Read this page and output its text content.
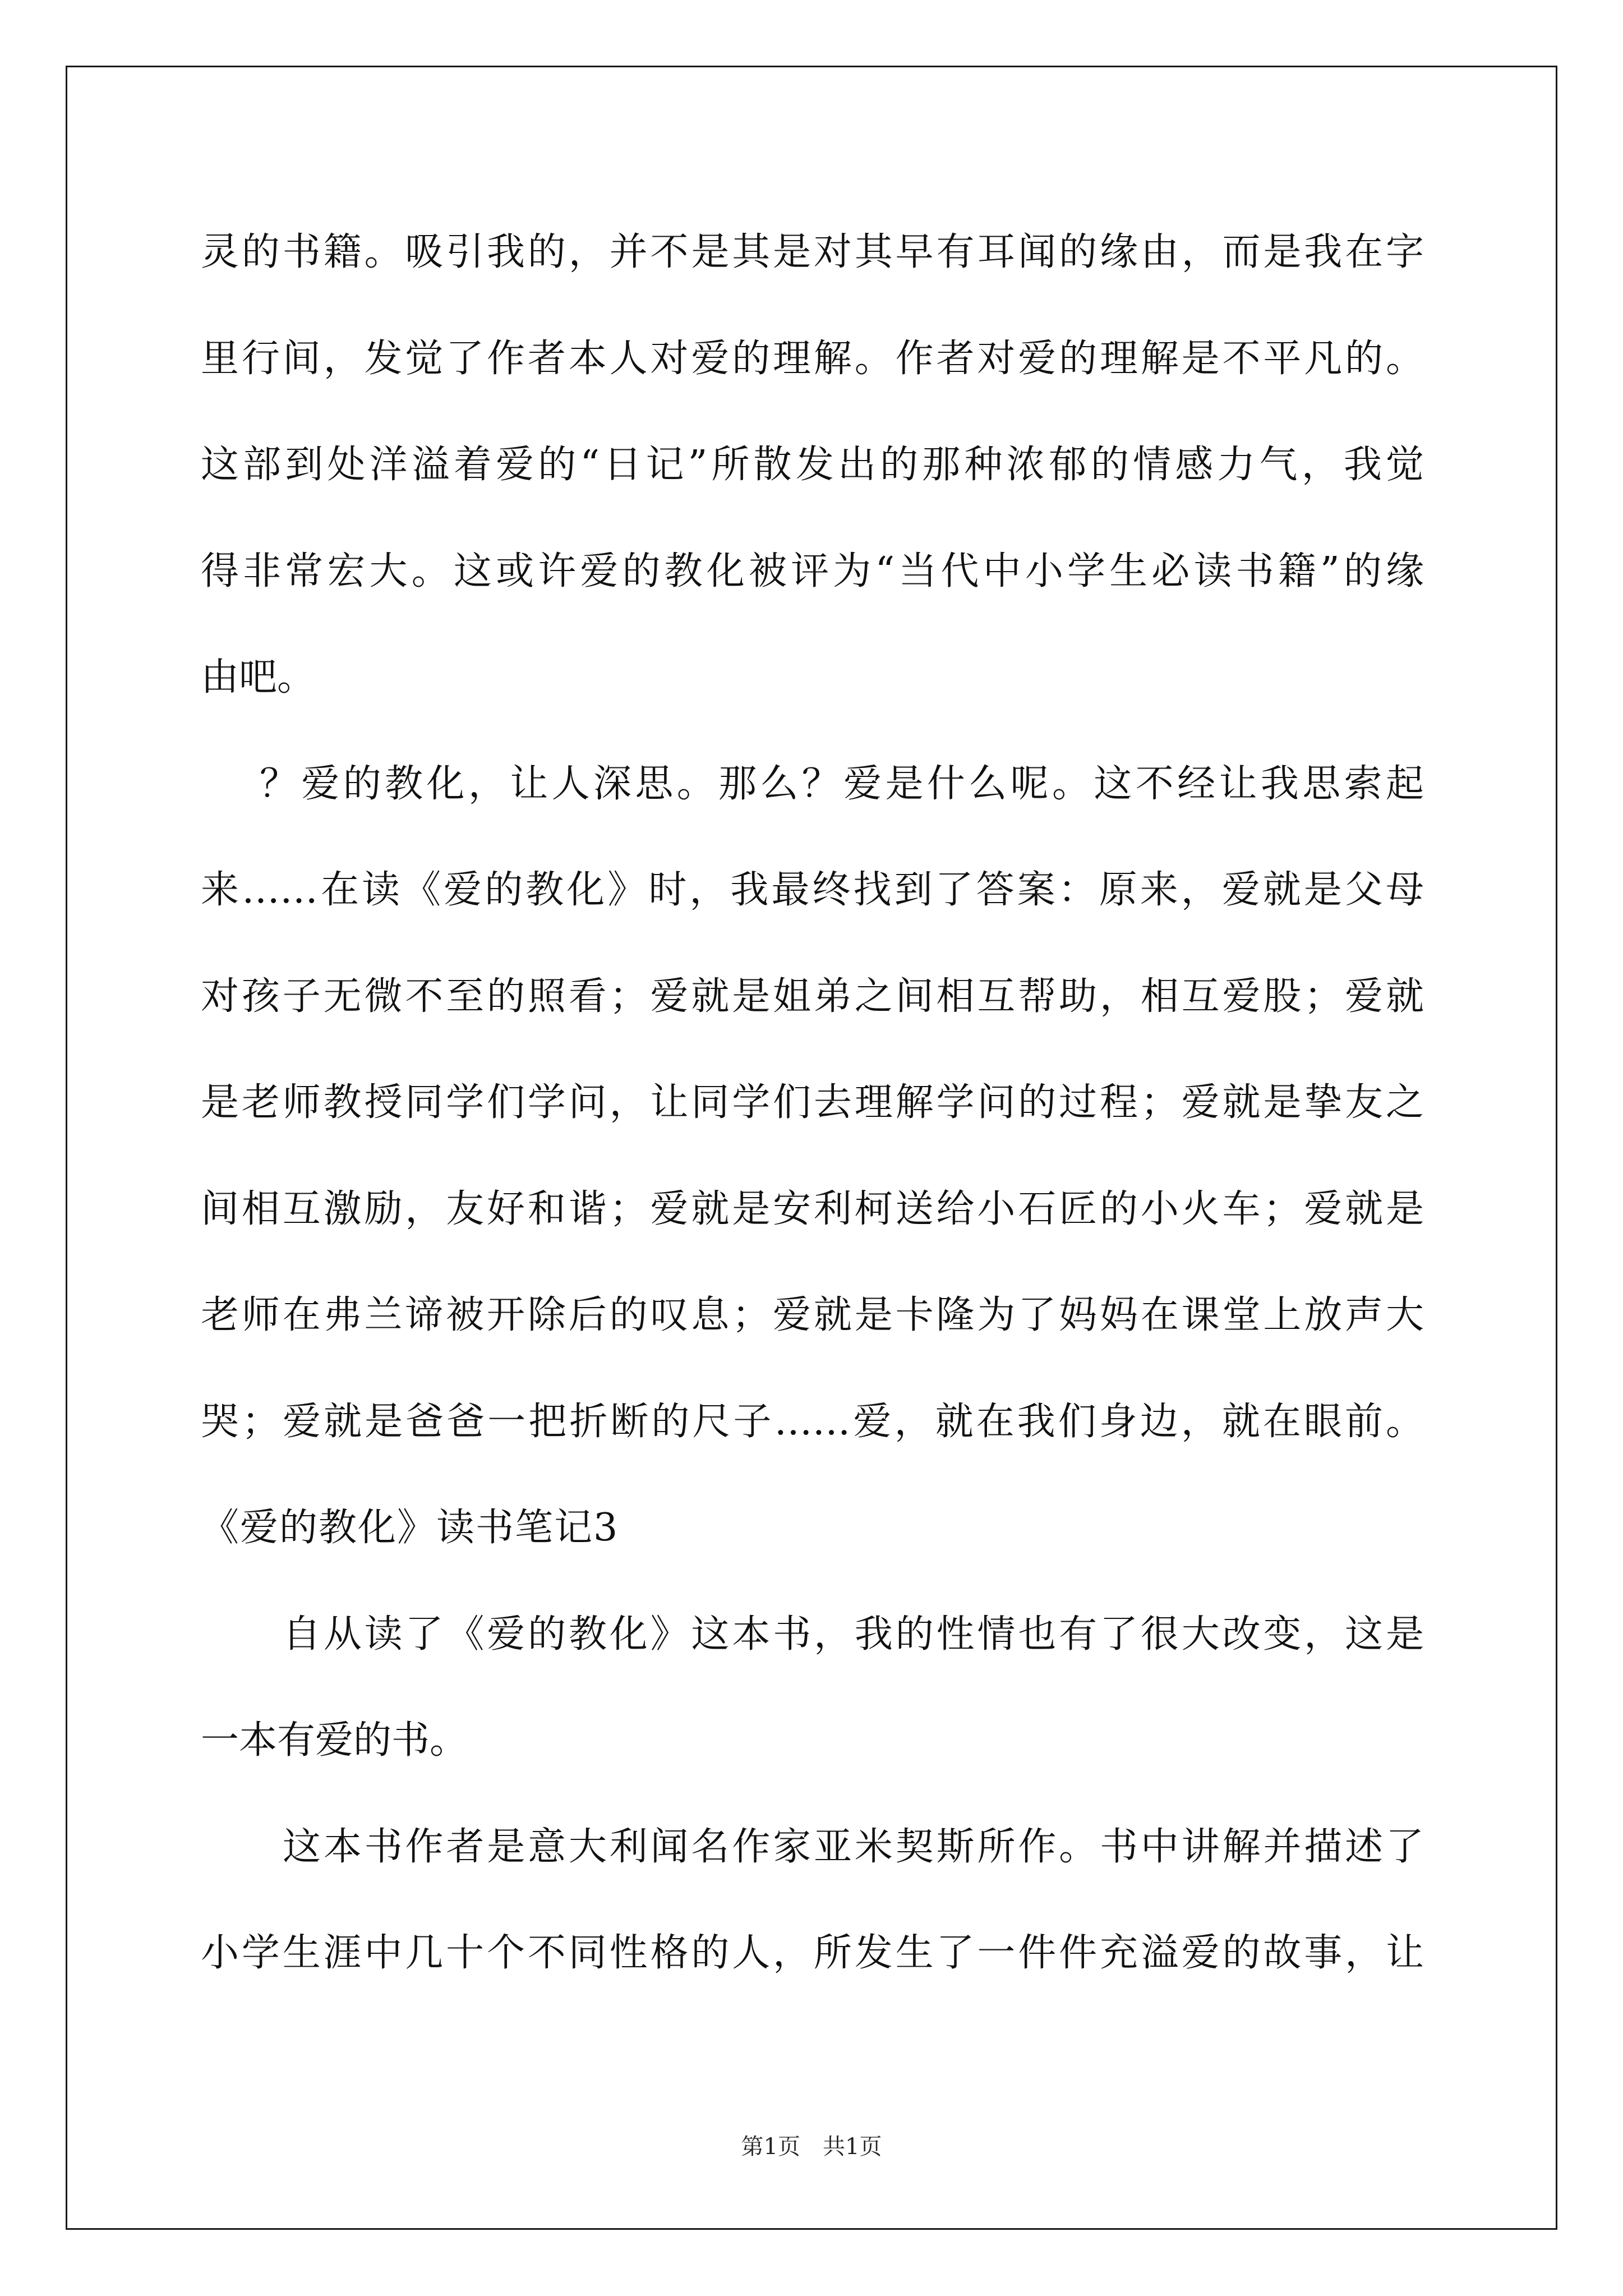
灵的书籍。吸引我的，并不是其是对其早有耳闻的缘由，而是我在字
里行间，发觉了作者本人对爱的理解。作者对爱的理解是不平凡的。
这部到处洋溢着爱的“日记”所散发出的那种浓郁的情感力气，我觉
得非常宏大。这或许爱的教化被评为“当代中小学生必读书籍”的缘
由吧。
？爱的教化，让人深思。那么？爱是什么呢。这不经让我思索起
来……在读《爱的教化》时，我最终找到了答案：原来，爱就是父母
对孩子无微不至的照看；爱就是姐弟之间相互帮助，相互爱股；爱就
是老师教授同学们学问，让同学们去理解学问的过程；爱就是挚友之
间相互激励，友好和谐；爱就是安利柯送给小石匠的小火车；爱就是
老师在弗兰谛被开除后的叹息；爱就是卡隆为了妈妈在课堂上放声大
哭；爱就是爸爸一把折断的尺子……爱，就在我们身边，就在眼前。
《爱的教化》读书笔记3
自从读了《爱的教化》这本书，我的性情也有了很大改变，这是
一本有爱的书。
这本书作者是意大利闻名作家亚米契斯所作。书中讲解并描述了
小学生涯中几十个不同性格的人，所发生了一件件充溢爱的故事，让
第1页 共1页
